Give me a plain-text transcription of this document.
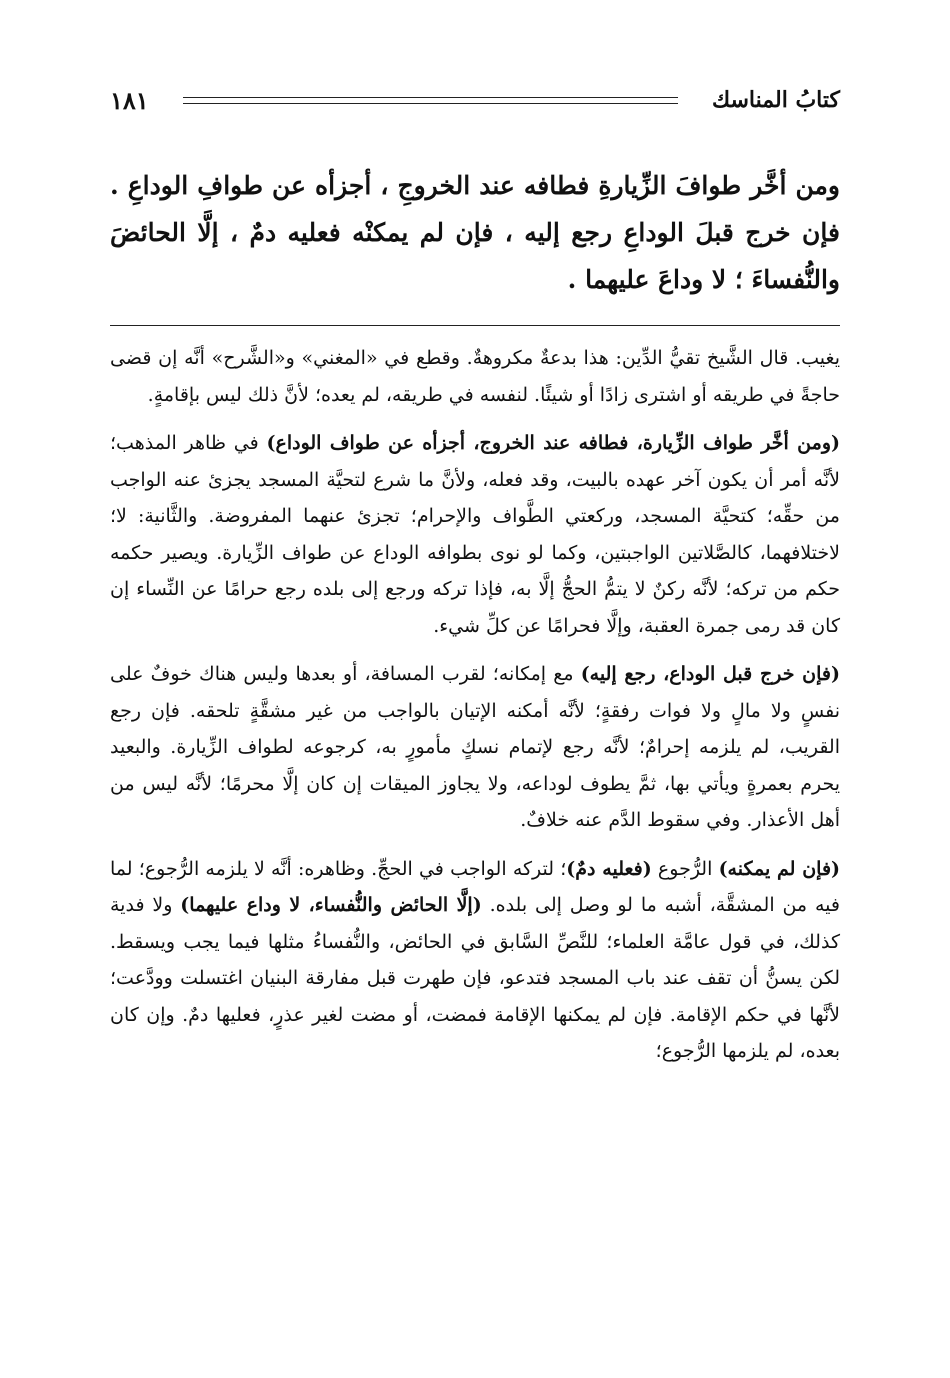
كتابُ المناسك
١٨١

ومن أخَّر طوافَ الزِّيارةِ فطافه عند الخروجِ ، أجزأه عن طوافِ الوداعِ . فإن خرج قبلَ الوداعِ رجع إليه ، فإن لم يمكنْه فعليه دمٌ ، إلَّا الحائضَ والنُّفساءَ ؛ لا وداعَ عليهما .

يغيب. قال الشَّيخ تقيُّ الدِّين: هذا بدعةٌ مكروهةٌ. وقطع في «المغني» و«الشَّرح» أنَّه إن قضى حاجةً في طريقه أو اشترى زادًا أو شيئًا. لنفسه في طريقه، لم يعده؛ لأنَّ ذلك ليس بإقامةٍ.

(ومن أخَّر طواف الزِّيارة، فطافه عند الخروج، أجزأه عن طواف الوداع) في ظاهر المذهب؛ لأنَّه أمر أن يكون آخر عهده بالبيت، وقد فعله، ولأنَّ ما شرع لتحيَّة المسجد يجزئ عنه الواجب من حقِّه؛ كتحيَّة المسجد، وركعتي الطَّواف والإحرام؛ تجزئ عنهما المفروضة. والثَّانية: لا؛ لاختلافهما، كالصَّلاتين الواجبتين، وكما لو نوى بطوافه الوداع عن طواف الزِّيارة. ويصير حكمه حكم من تركه؛ لأنَّه ركنٌ لا يتمُّ الحجُّ إلَّا به، فإذا تركه ورجع إلى بلده رجع حرامًا عن النِّساء إن كان قد رمى جمرة العقبة، وإلَّا فحرامًا عن كلِّ شيء.

(فإن خرج قبل الوداع، رجع إليه) مع إمكانه؛ لقرب المسافة، أو بعدها وليس هناك خوفٌ على نفسٍ ولا مالٍ ولا فوات رفقةٍ؛ لأنَّه أمكنه الإتيان بالواجب من غير مشقَّةٍ تلحقه. فإن رجع القريب، لم يلزمه إحرامٌ؛ لأنَّه رجع لإتمام نسكٍ مأمورٍ به، كرجوعه لطواف الزِّيارة. والبعيد يحرم بعمرةٍ ويأتي بها، ثمَّ يطوف لوداعه، ولا يجاوز الميقات إن كان إلَّا محرمًا؛ لأنَّه ليس من أهل الأعذار. وفي سقوط الدَّم عنه خلافٌ.

(فإن لم يمكنه) الرُّجوع (فعليه دمٌ)؛ لتركه الواجب في الحجِّ. وظاهره: أنَّه لا يلزمه الرُّجوع؛ لما فيه من المشقَّة، أشبه ما لو وصل إلى بلده. (إلَّا الحائض والنُّفساء، لا وداع عليهما) ولا فدية كذلك، في قول عامَّة العلماء؛ للنَّصِّ السَّابق في الحائض، والنُّفساءُ مثلها فيما يجب ويسقط. لكن يسنُّ أن تقف عند باب المسجد فتدعو، فإن طهرت قبل مفارقة البنيان اغتسلت وودَّعت؛ لأنَّها في حكم الإقامة. فإن لم يمكنها الإقامة فمضت، أو مضت لغير عذرٍ، فعليها دمٌ. وإن كان بعده، لم يلزمها الرُّجوع؛
